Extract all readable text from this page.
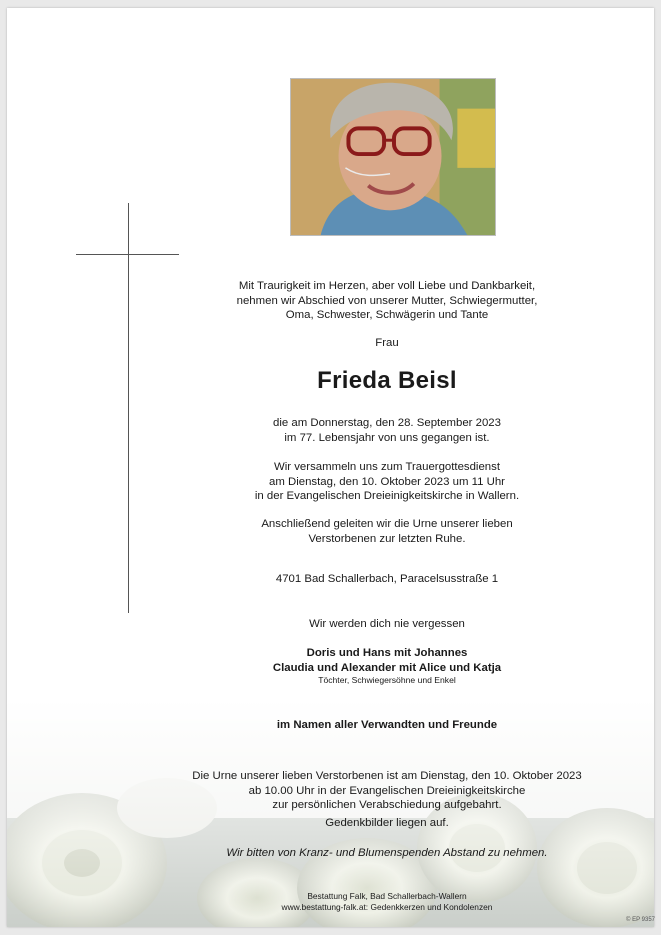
Mit Traurigkeit im Herzen, aber voll Liebe und Dankbarkeit,
nehmen wir Abschied von unserer Mutter, Schwiegermutter,
Oma, Schwester, Schwägerin und Tante
Frau
Frieda Beisl
die am Donnerstag, den 28. September 2023
im 77. Lebensjahr von uns gegangen ist.
Wir versammeln uns zum Trauergottesdienst
am Dienstag, den 10. Oktober 2023 um 11 Uhr
in der Evangelischen Dreieinigkeitskirche in Wallern.
Anschließend geleiten wir die Urne unserer lieben
Verstorbenen zur letzten Ruhe.
4701 Bad Schallerbach, Paracelsusstraße 1
Wir werden dich nie vergessen
Doris und Hans mit Johannes
Claudia und Alexander mit Alice und Katja
Töchter, Schwiegersöhne und Enkel
im Namen aller Verwandten und Freunde
Die Urne unserer lieben Verstorbenen ist am Dienstag, den 10. Oktober 2023
ab 10.00 Uhr in der Evangelischen Dreieinigkeitskirche
zur persönlichen Verabschiedung aufgebahrt.
Gedenkbilder liegen auf.
Wir bitten von Kranz- und Blumenspenden Abstand zu nehmen.
Bestattung Falk, Bad Schallerbach-Wallern
www.bestattung-falk.at: Gedenkkerzen und Kondolenzen
© EP 9357
